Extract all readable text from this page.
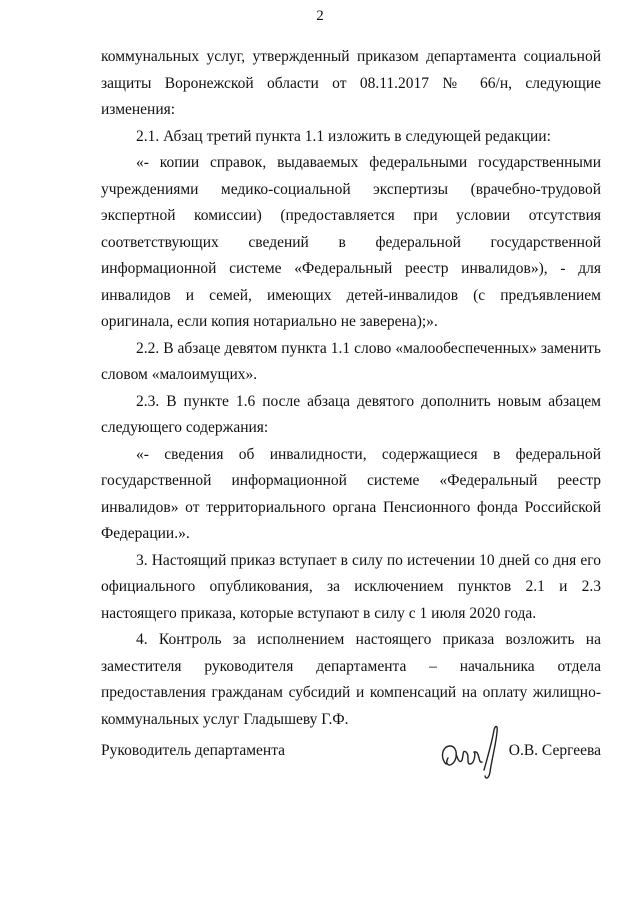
2

коммунальных услуг, утвержденный приказом департамента социальной защиты Воронежской области от 08.11.2017 № 66/н, следующие изменения:

2.1. Абзац третий пункта 1.1 изложить в следующей редакции:

«- копии справок, выдаваемых федеральными государственными учреждениями медико-социальной экспертизы (врачебно-трудовой экспертной комиссии) (предоставляется при условии отсутствия соответствующих сведений в федеральной государственной информационной системе «Федеральный реестр инвалидов»), - для инвалидов и семей, имеющих детей-инвалидов (с предъявлением оригинала, если копия нотариально не заверена);».

2.2. В абзаце девятом пункта 1.1 слово «малообеспеченных» заменить словом «малоимущих».

2.3. В пункте 1.6 после абзаца девятого дополнить новым абзацем следующего содержания:

«- сведения об инвалидности, содержащиеся в федеральной государственной информационной системе «Федеральный реестр инвалидов» от территориального органа Пенсионного фонда Российской Федерации.».

3. Настоящий приказ вступает в силу по истечении 10 дней со дня его официального опубликования, за исключением пунктов 2.1 и 2.3 настоящего приказа, которые вступают в силу с 1 июля 2020 года.

4. Контроль за исполнением настоящего приказа возложить на заместителя руководителя департамента – начальника отдела предоставления гражданам субсидий и компенсаций на оплату жилищно-коммунальных услуг Гладышеву Г.Ф.

Руководитель департамента	О.В. Сергеева
